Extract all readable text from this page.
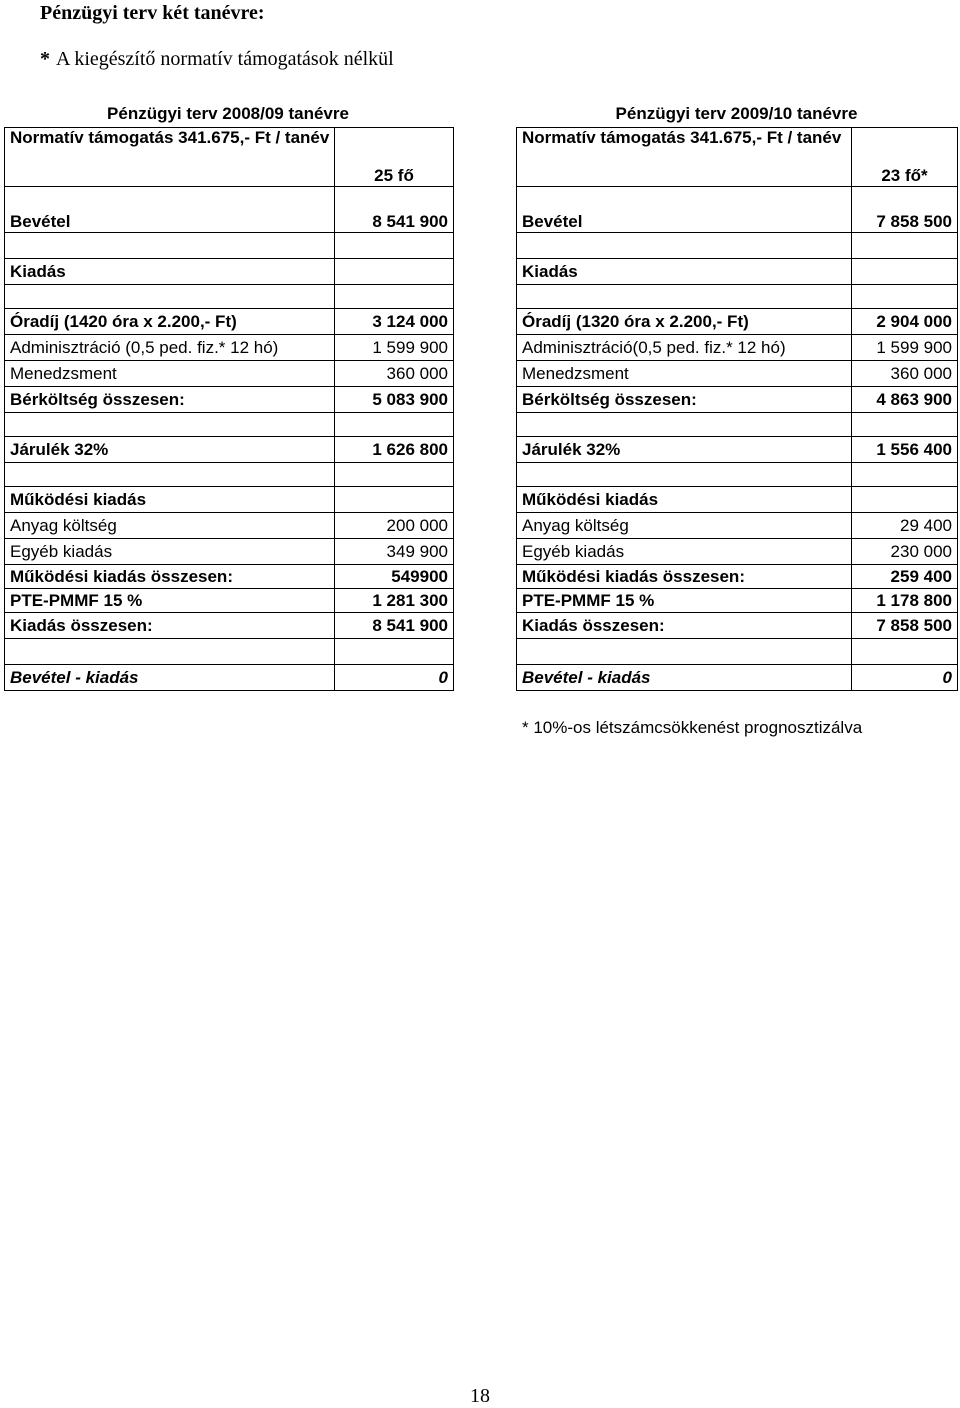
Pénzügyi terv két tanévre:
* A kiegészítő normatív támogatások nélkül
Pénzügyi terv 2008/09 tanévre	Pénzügyi terv 2009/10 tanévre
Normatív támogatás 341.675,- Ft / tanév	25 fő
Bevétel	8 541 900

Kiadás	

Óradíj (1420 óra x 2.200,- Ft)	3 124 000
Adminisztráció (0,5 ped. fiz.* 12 hó)	1 599 900
Menedzsment	360 000
Bérköltség összesen:	5 083 900

Járulék 32%	1 626 800

Működési kiadás	
Anyag költség	200 000
Egyéb kiadás	349 900
Működési kiadás összesen:	549900
PTE-PMMF 15 %	1 281 300
Kiadás összesen:	8 541 900

Bevétel - kiadás	0
Normatív támogatás 341.675,- Ft / tanév	23 fő*
Bevétel	7 858 500

Kiadás	

Óradíj (1320 óra x 2.200,- Ft)	2 904 000
Adminisztráció(0,5 ped. fiz.* 12 hó)	1 599 900
Menedzsment	360 000
Bérköltség összesen:	4 863 900

Járulék 32%	1 556 400

Működési kiadás	
Anyag költség	29 400
Egyéb kiadás	230 000
Működési kiadás összesen:	259 400
PTE-PMMF 15 %	1 178 800
Kiadás összesen:	7 858 500

Bevétel - kiadás	0
* 10%-os létszámcsökkenést prognosztizálva
18
